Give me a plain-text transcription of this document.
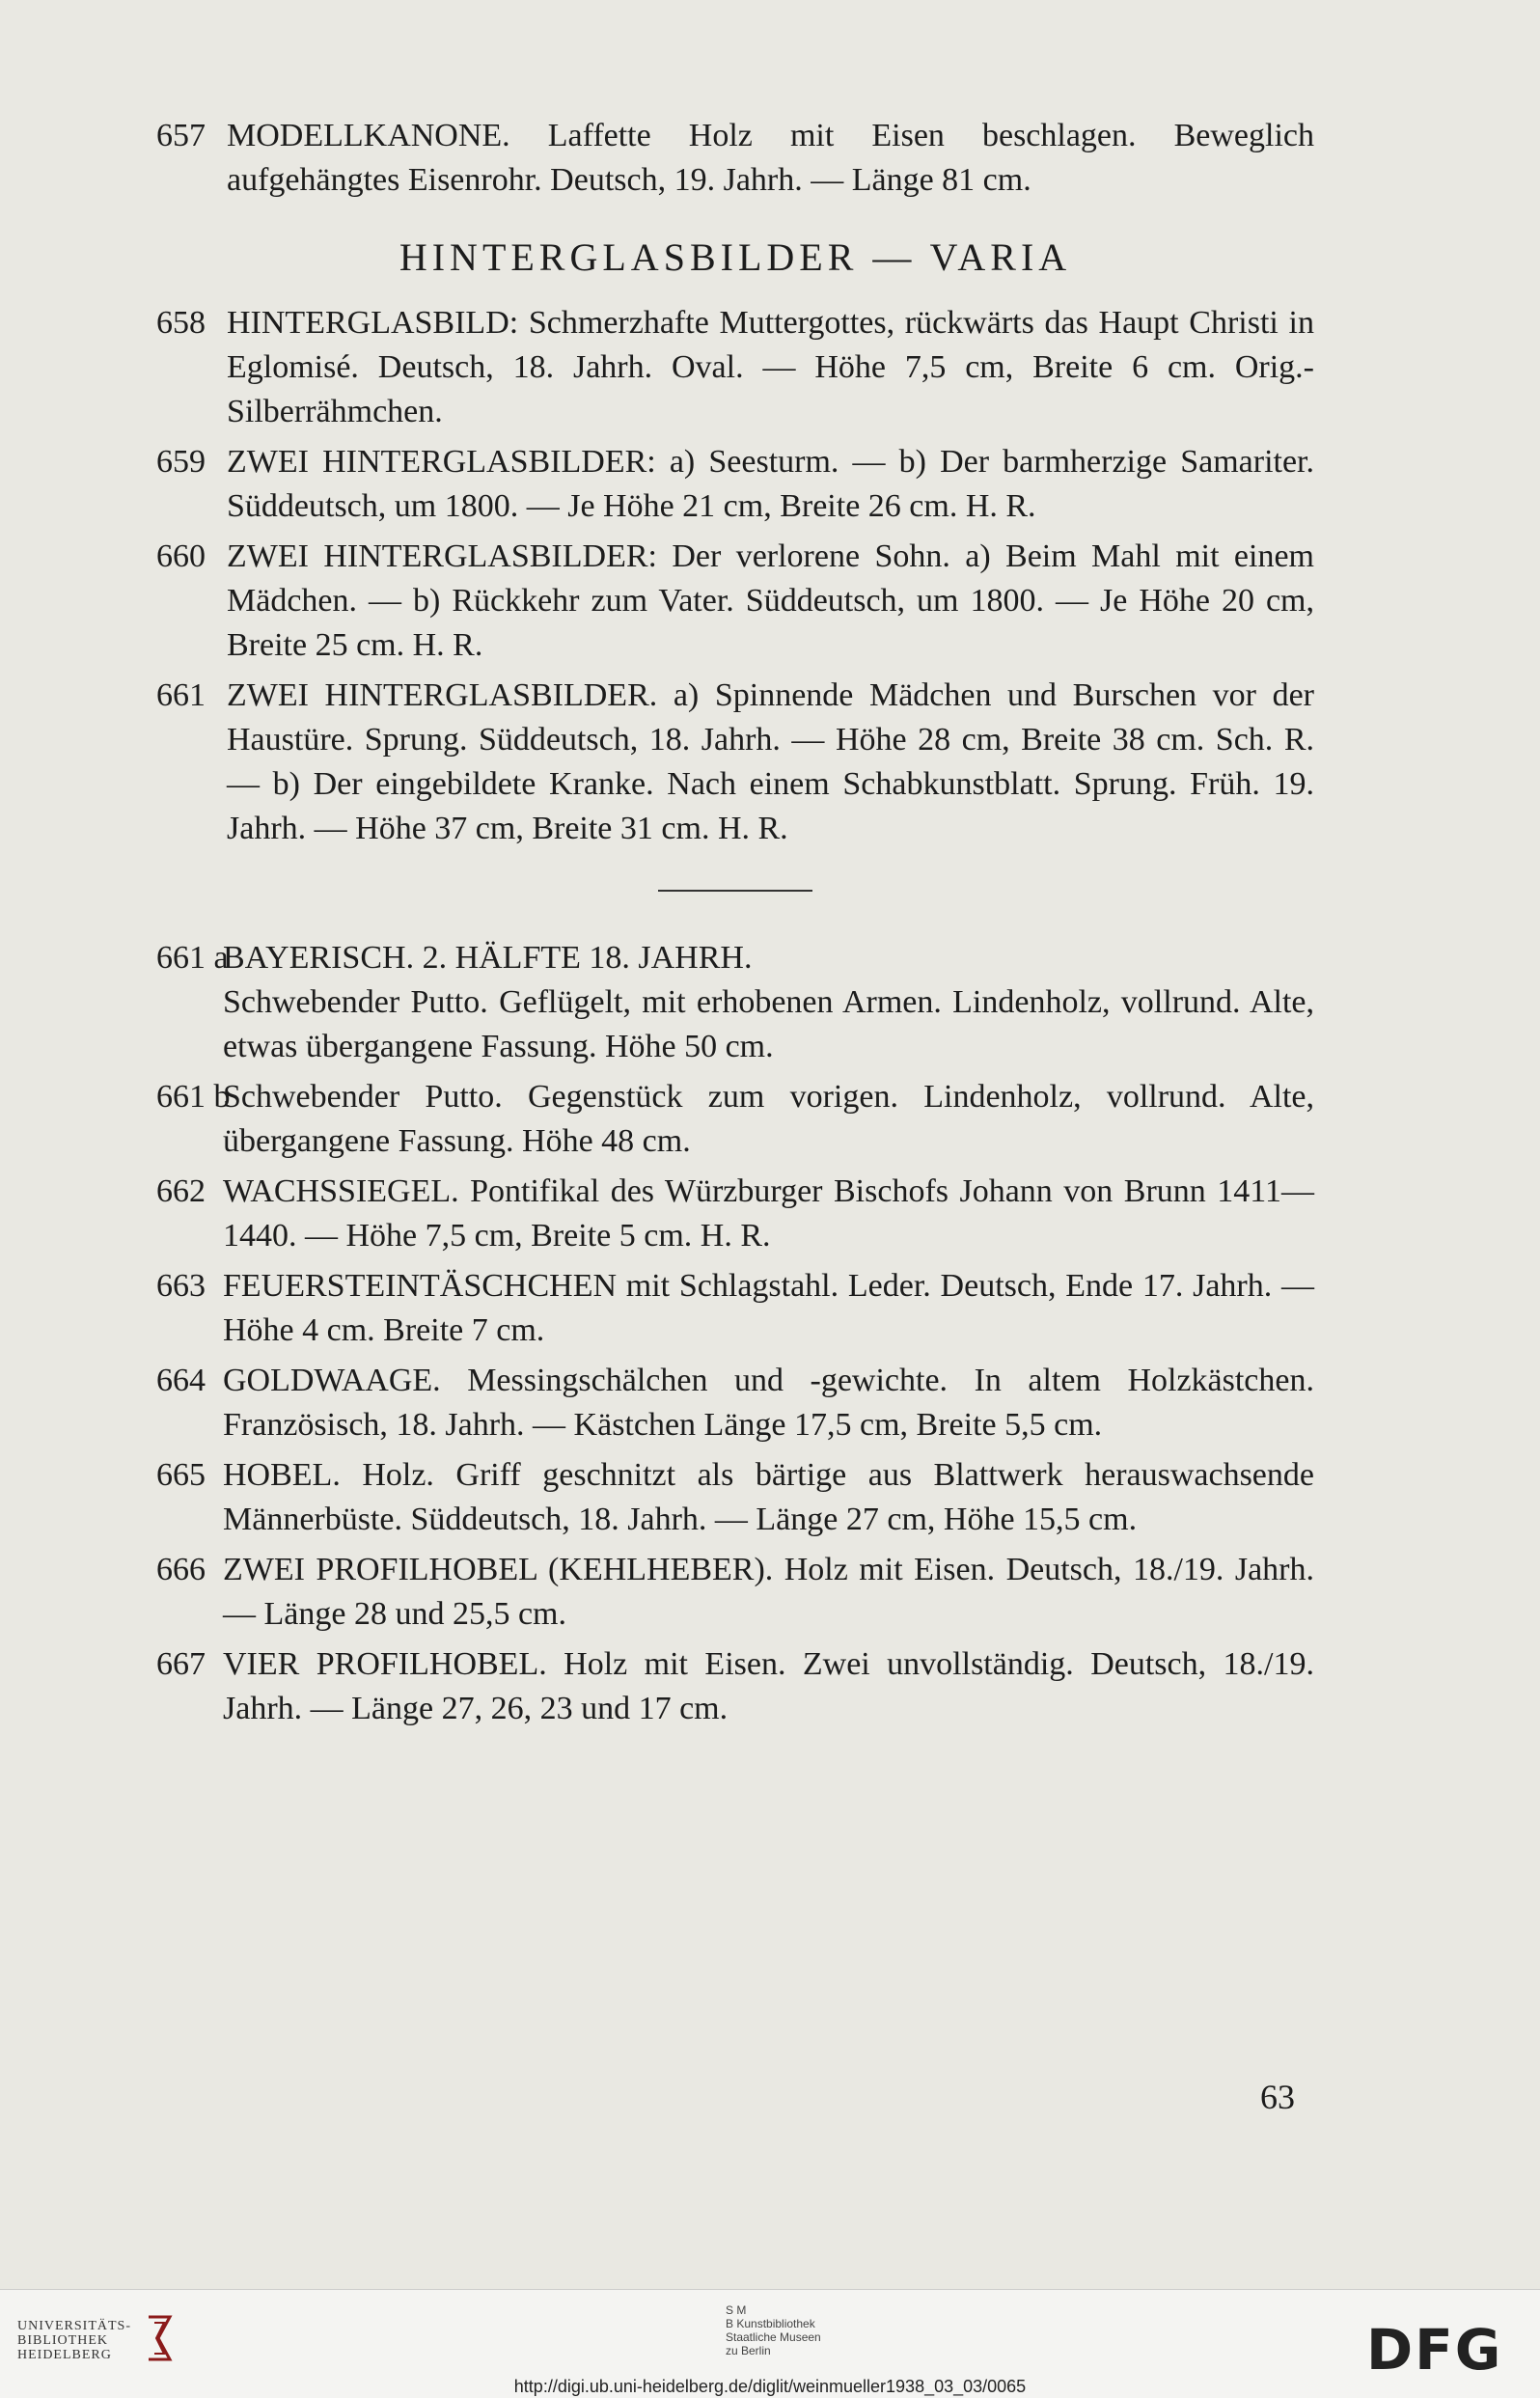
657 MODELLKANONE. Laffette Holz mit Eisen beschlagen. Beweglich aufgehängtes Eisenrohr. Deutsch, 19. Jahrh. — Länge 81 cm.
HINTERGLASBILDER — VARIA
658 HINTERGLASBILD: Schmerzhafte Muttergottes, rückwärts das Haupt Christi in Eglomisé. Deutsch, 18. Jahrh. Oval. — Höhe 7,5 cm, Breite 6 cm. Orig.-Silberrähmchen.
659 ZWEI HINTERGLASBILDER: a) Seesturm. — b) Der barmherzige Samariter. Süddeutsch, um 1800. — Je Höhe 21 cm, Breite 26 cm. H. R.
660 ZWEI HINTERGLASBILDER: Der verlorene Sohn. a) Beim Mahl mit einem Mädchen. — b) Rückkehr zum Vater. Süddeutsch, um 1800. — Je Höhe 20 cm, Breite 25 cm. H. R.
661 ZWEI HINTERGLASBILDER. a) Spinnende Mädchen und Burschen vor der Haustüre. Sprung. Süddeutsch, 18. Jahrh. — Höhe 28 cm, Breite 38 cm. Sch. R. — b) Der eingebildete Kranke. Nach einem Schabkunstblatt. Sprung. Früh. 19. Jahrh. — Höhe 37 cm, Breite 31 cm. H. R.
661 a
BAYERISCH. 2. HÄLFTE 18. JAHRH.
Schwebender Putto. Geflügelt, mit erhobenen Armen. Lindenholz, vollrund. Alte, etwas übergangene Fassung. Höhe 50 cm.
661 b
Schwebender Putto. Gegenstück zum vorigen. Lindenholz, vollrund. Alte, übergangene Fassung. Höhe 48 cm.
662 WACHSSIEGEL. Pontifikal des Würzburger Bischofs Johann von Brunn 1411—1440. — Höhe 7,5 cm, Breite 5 cm. H. R.
663 FEUERSTEINTÄSCHCHEN mit Schlagstahl. Leder. Deutsch, Ende 17. Jahrh. — Höhe 4 cm. Breite 7 cm.
664 GOLDWAAGE. Messingschälchen und -gewichte. In altem Holzkästchen. Französisch, 18. Jahrh. — Kästchen Länge 17,5 cm, Breite 5,5 cm.
665 HOBEL. Holz. Griff geschnitzt als bärtige aus Blattwerk herauswachsende Männerbüste. Süddeutsch, 18. Jahrh. — Länge 27 cm, Höhe 15,5 cm.
666 ZWEI PROFILHOBEL (KEHLHEBER). Holz mit Eisen. Deutsch, 18./19. Jahrh. — Länge 28 und 25,5 cm.
667 VIER PROFILHOBEL. Holz mit Eisen. Zwei unvollständig. Deutsch, 18./19. Jahrh. — Länge 27, 26, 23 und 17 cm.
63
UNIVERSITÄTS-
BIBLIOTHEK
HEIDELBERG
S M
B Kunstbibliothek
Staatliche Museen
zu Berlin	DFG
http://digi.ub.uni-heidelberg.de/diglit/weinmueller1938_03_03/0065
